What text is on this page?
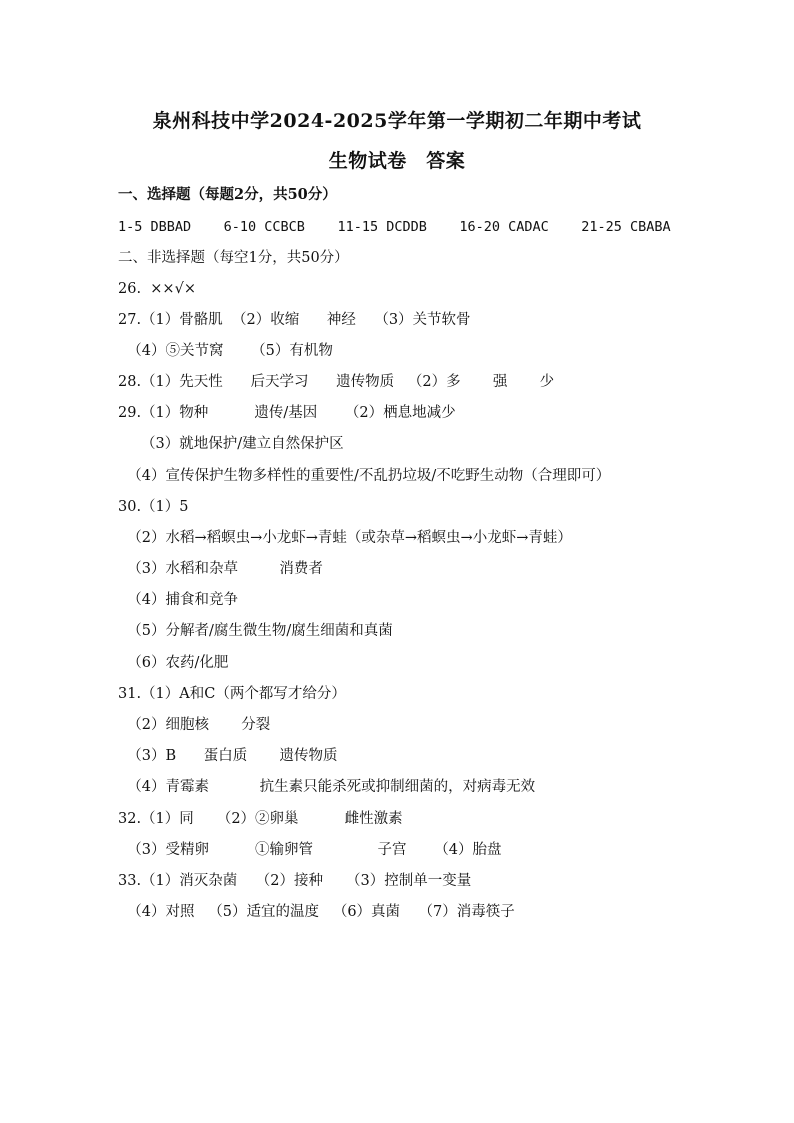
泉州科技中学2024-2025学年第一学期初二年期中考试
生物试卷　答案
一、选择题（每题2分，共50分）
1-5 DBBAD    6-10 CCBCB    11-15 DCDDB    16-20 CADAC    21-25 CBABA
二、非选择题（每空1分，共50分）
26.  ××√×
27.（1）骨骼肌  （2）收缩      神经    （3）关节软骨
（4）⑤关节窝      （5）有机物
28.（1）先天性      后天学习      遗传物质   （2）多       强       少
29.（1）物种          遗传/基因      （2）栖息地减少
（3）就地保护/建立自然保护区
（4）宣传保护生物多样性的重要性/不乱扔垃圾/不吃野生动物（合理即可）
30.（1）5
（2）水稻→稻螟虫→小龙虾→青蛙（或杂草→稻螟虫→小龙虾→青蛙）
（3）水稻和杂草         消费者
（4）捕食和竞争
（5）分解者/腐生微生物/腐生细菌和真菌
（6）农药/化肥
31.（1）A和C（两个都写才给分）
（2）细胞核       分裂
（3）B      蛋白质       遗传物质
（4）青霉素           抗生素只能杀死或抑制细菌的，对病毒无效
32.（1）同     （2）②卵巢          雌性激素
（3）受精卵          ①输卵管              子宫      （4）胎盘
33.（1）消灭杂菌    （2）接种     （3）控制单一变量
（4）对照   （5）适宜的温度   （6）真菌    （7）消毒筷子
